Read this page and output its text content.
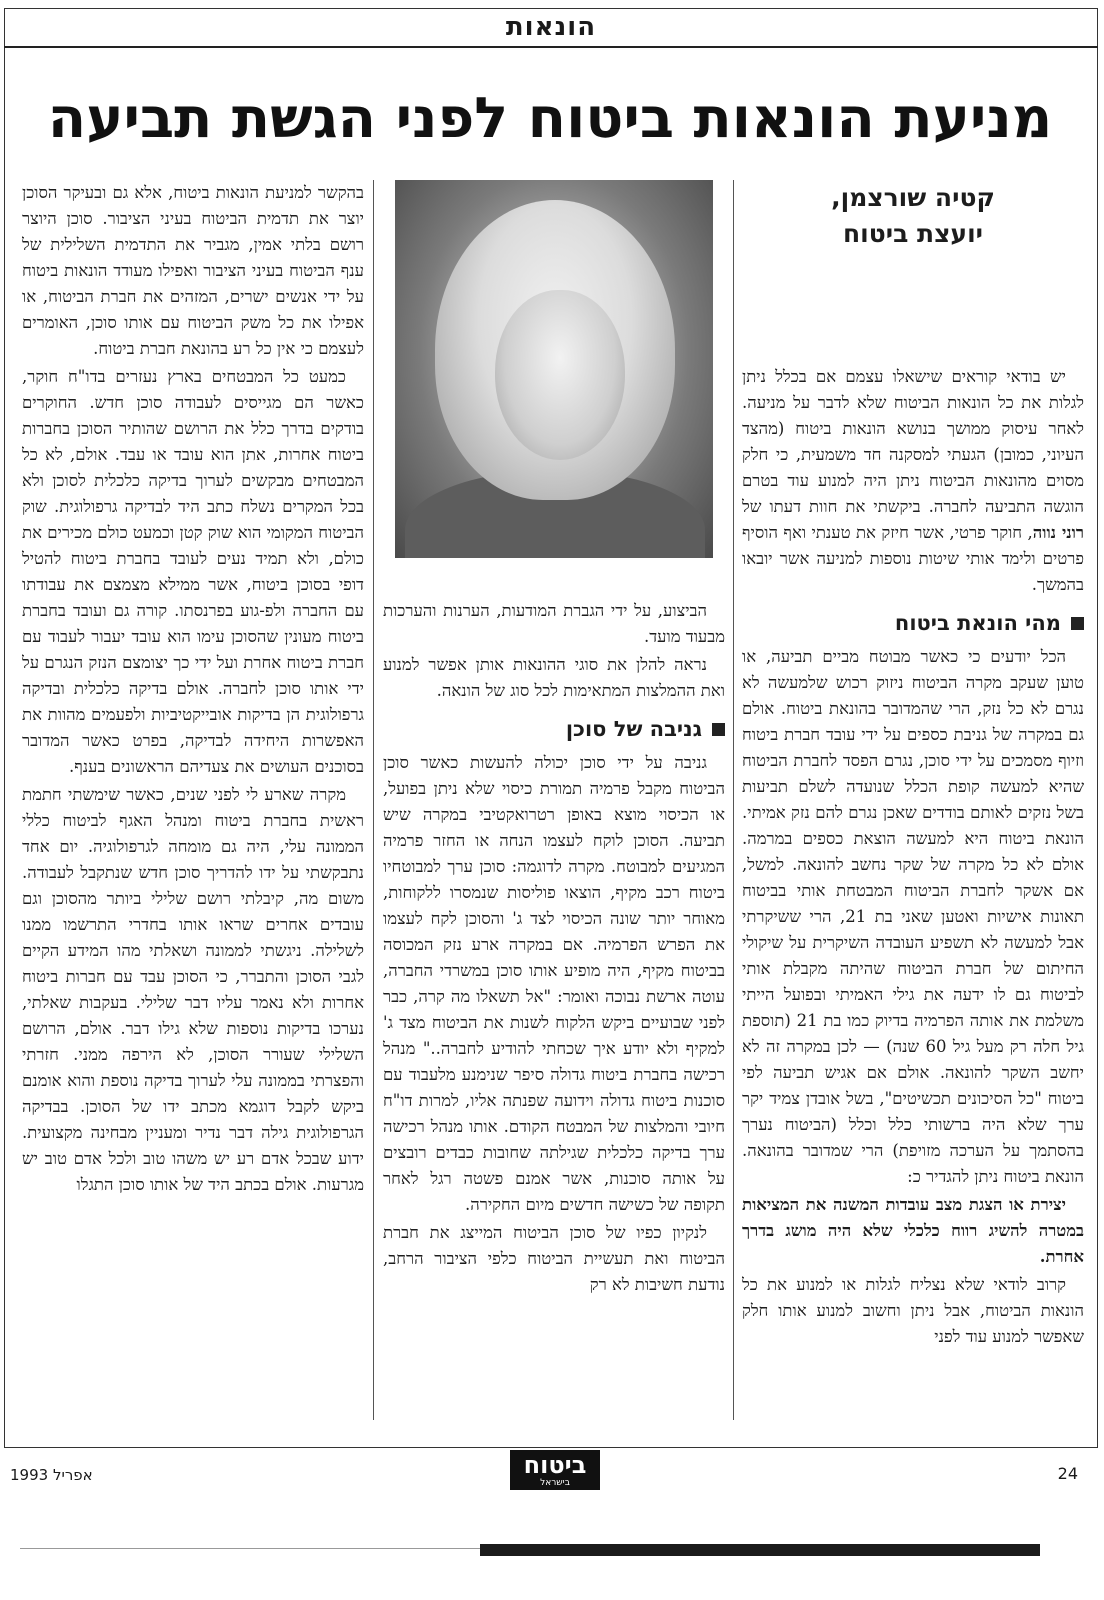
הונאות
מניעת הונאות ביטוח לפני הגשת תביעה
קטיה שורצמן,
יועצת ביטוח

יש בודאי קוראים שישאלו עצמם אם בכלל ניתן לגלות את כל הונאות הביטוח שלא לדבר על מניעה. לאחר עיסוק ממושך בנושא הונאות ביטוח (מהצד העיוני, כמובן) הגעתי למסקנה חד משמעית, כי חלק מסוים מהונאות הביטוח ניתן היה למנוע עוד בטרם הוגשה התביעה לחברה. ביקשתי את חוות דעתו של רוני נווה, חוקר פרטי, אשר חיזק את טענתי ואף הוסיף פרטים ולימד אותי שיטות נוספות למניעה אשר יובאו בהמשך.

מהי הונאת ביטוח

הכל יודעים כי כאשר מבוטח מביים תביעה, או טוען שעקב מקרה הביטוח ניזוק רכוש שלמעשה לא נגרם לא כל נזק, הרי שהמדובר בהונאת ביטוח. אולם גם במקרה של גניבת כספים על ידי עובד חברת ביטוח וזיוף מסמכים על ידי סוכן, נגרם הפסד לחברת הביטוח שהיא למעשה קופת הכלל שנועדה לשלם תביעות בשל נזקים לאותם בודדים שאכן נגרם להם נזק אמיתי. הונאת ביטוח היא למעשה הוצאת כספים במרמה. אולם לא כל מקרה של שקר נחשב להונאה. למשל, אם אשקר לחברת הביטוח המבטחת אותי בביטוח תאונות אישיות ואטען שאני בת 21, הרי ששיקרתי אבל למעשה לא תשפיע העובדה השיקרית על שיקולי החיתום של חברת הביטוח שהיתה מקבלת אותי לביטוח גם לו ידעה את גילי האמיתי ובפועל הייתי משלמת את אותה הפרמיה בדיוק כמו בת 21 (תוספת גיל חלה רק מעל גיל 60 שנה) — לכן במקרה זה לא יחשב השקר להונאה. אולם אם אגיש תביעה לפי ביטוח "כל הסיכונים תכשיטים", בשל אובדן צמיד יקר ערך שלא היה ברשותי כלל וכלל (הביטוח נערך בהסתמך על הערכה מזויפת) הרי שמדובר בהונאה. הונאת ביטוח ניתן להגדיר כ:

יצירת או הצגת מצב עובדות המשנה את המציאות במטרה להשיג רווח כלכלי שלא היה מושג בדרך אחרת.

קרוב לודאי שלא נצליח לגלות או למנוע את כל הונאות הביטוח, אבל ניתן וחשוב למנוע אותו חלק שאפשר למנוע עוד לפני

הביצוע, על ידי הגברת המודעות, הערנות והערכות מבעוד מועד.

נראה להלן את סוגי ההונאות אותן אפשר למנוע ואת ההמלצות המתאימות לכל סוג של הונאה.

גניבה של סוכן

גניבה על ידי סוכן יכולה להעשות כאשר סוכן הביטוח מקבל פרמיה תמורת כיסוי שלא ניתן בפועל, או הכיסוי מוצא באופן רטרואקטיבי במקרה שיש תביעה. הסוכן לוקח לעצמו הנחה או החזר פרמיה המגיעים למבוטח. מקרה לדוגמה: סוכן ערך למבוטחיו ביטוח רכב מקיף, הוצאו פוליסות שנמסרו ללקוחות, מאוחר יותר שונה הכיסוי לצד ג' והסוכן לקח לעצמו את הפרש הפרמיה. אם במקרה ארע נזק המכוסה בביטוח מקיף, היה מופיע אותו סוכן במשרדי החברה, עוטה ארשת נבוכה ואומר: "אל תשאלו מה קרה, כבר לפני שבועיים ביקש הלקוח לשנות את הביטוח מצד ג' למקיף ולא יודע איך שכחתי להודיע לחברה.." מנהל רכישה בחברת ביטוח גדולה סיפר שנימנע מלעבוד עם סוכנות ביטוח גדולה וידועה שפנתה אליו, למרות דו"ח חיובי והמלצות של המבטח הקודם. אותו מנהל רכישה ערך בדיקה כלכלית שגילתה שחובות כבדים רובצים על אותה סוכנות, אשר אמנם פשטה רגל לאחר תקופה של כשישה חדשים מיום החקירה.

לנקיון כפיו של סוכן הביטוח המייצג את חברת הביטוח ואת תעשיית הביטוח כלפי הציבור הרחב, נודעת חשיבות לא רק

בהקשר למניעת הונאות ביטוח, אלא גם ובעיקר הסוכן יוצר את תדמית הביטוח בעיני הציבור. סוכן היוצר רושם בלתי אמין, מגביר את התדמית השלילית של ענף הביטוח בעיני הציבור ואפילו מעודד הונאות ביטוח על ידי אנשים ישרים, המזהים את חברת הביטוח, או אפילו את כל משק הביטוח עם אותו סוכן, האומרים לעצמם כי אין כל רע בהונאת חברת ביטוח.

כמעט כל המבטחים בארץ נעזרים בדו"ח חוקר, כאשר הם מגייסים לעבודה סוכן חדש. החוקרים בודקים בדרך כלל את הרושם שהותיר הסוכן בחברות ביטוח אחרות, אתן הוא עובד או עבד. אולם, לא כל המבטחים מבקשים לערוך בדיקה כלכלית לסוכן ולא בכל המקרים נשלח כתב היד לבדיקה גרפולוגית. שוק הביטוח המקומי הוא שוק קטן וכמעט כולם מכירים את כולם, ולא תמיד נעים לעובד בחברת ביטוח להטיל דופי בסוכן ביטוח, אשר ממילא מצמצם את עבודתו עם החברה ולפ-גוע בפרנסתו. קורה גם ועובד בחברת ביטוח מעונין שהסוכן עימו הוא עובד יעבור לעבוד עם חברת ביטוח אחרת ועל ידי כך יצומצם הנזק הנגרם על ידי אותו סוכן לחברה. אולם בדיקה כלכלית ובדיקה גרפולוגית הן בדיקות אובייקטיביות ולפעמים מהוות את האפשרות היחידה לבדיקה, בפרט כאשר המדובר בסוכנים העושים את צעדיהם הראשונים בענף.

מקרה שארע לי לפני שנים, כאשר שימשתי חתמת ראשית בחברת ביטוח ומנהל האגף לביטוח כללי הממונה עלי, היה גם מומחה לגרפולוגיה. יום אחד נתבקשתי על ידו להדריך סוכן חדש שנתקבל לעבודה. משום מה, קיבלתי רושם שלילי ביותר מהסוכן וגם עובדים אחרים שראו אותו בחדרי התרשמו ממנו לשלילה. ניגשתי לממונה ושאלתי מהו המידע הקיים לגבי הסוכן והתברר, כי הסוכן עבד עם חברות ביטוח אחרות ולא נאמר עליו דבר שלילי. בעקבות שאלתי, נערכו בדיקות נוספות שלא גילו דבר. אולם, הרושם השלילי שעורר הסוכן, לא הירפה ממני. חזרתי והפצרתי בממונה עלי לערוך בדיקה נוספת והוא אומנם ביקש לקבל דוגמא מכתב ידו של הסוכן. בבדיקה הגרפולוגית גילה דבר נדיר ומעניין מבחינה מקצועית. ידוע שבכל אדם רע יש משהו טוב ולכל אדם טוב יש מגרעות. אולם בכתב היד של אותו סוכן התגלו

אפריל 1993	ביטוח
בישראל	24
